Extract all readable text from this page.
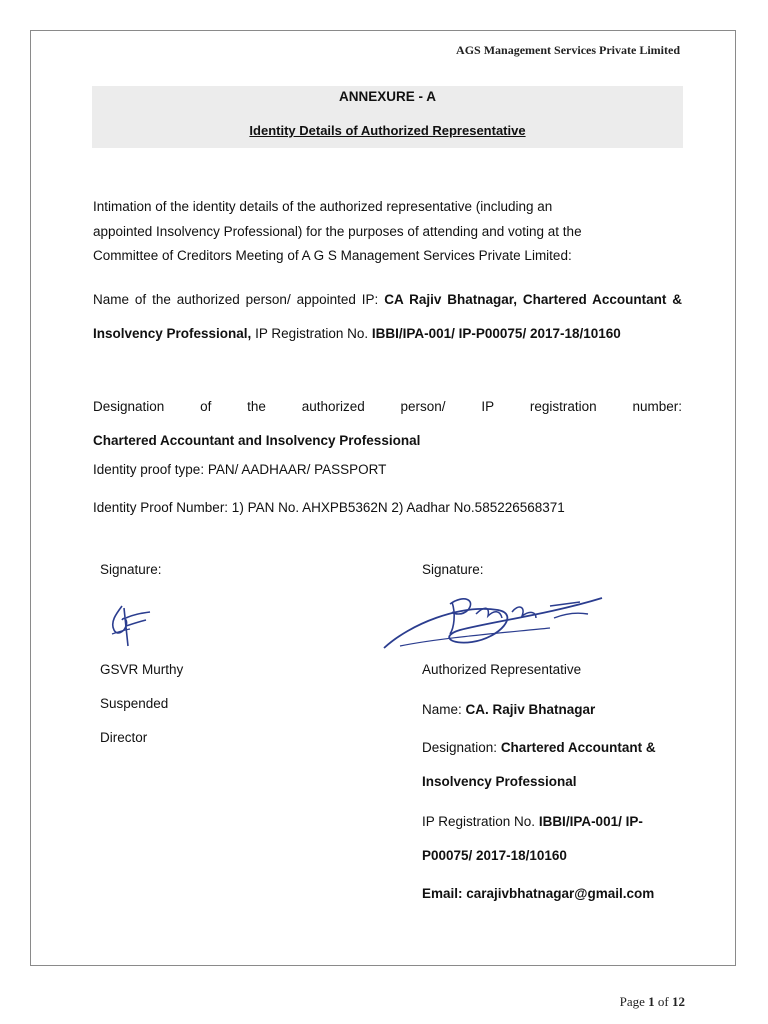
AGS Management Services Private Limited
ANNEXURE - A
Identity Details of Authorized Representative
Intimation of the identity details of the authorized representative (including an
appointed Insolvency Professional) for the purposes of attending and voting at the
Committee of Creditors Meeting of A G S Management Services Private Limited:
Name of the authorized person/ appointed IP: CA Rajiv Bhatnagar, Chartered Accountant & Insolvency Professional, IP Registration No. IBBI/IPA-001/ IP-P00075/ 2017-18/10160
Designation	of	the	authorized	person/	IP	registration	number:
Chartered Accountant and Insolvency Professional
Identity proof type: PAN/ AADHAAR/ PASSPORT
Identity Proof Number: 1) PAN No. AHXPB5362N 2) Aadhar No.585226568371
Signature:
GSVR Murthy
Suspended
Director
Signature:
Authorized Representative
Name: CA. Rajiv Bhatnagar
Designation: Chartered Accountant &
Insolvency Professional
IP Registration No. IBBI/IPA-001/ IP-
P00075/ 2017-18/10160
Email: carajivbhatnagar@gmail.com
Page 1 of 12
